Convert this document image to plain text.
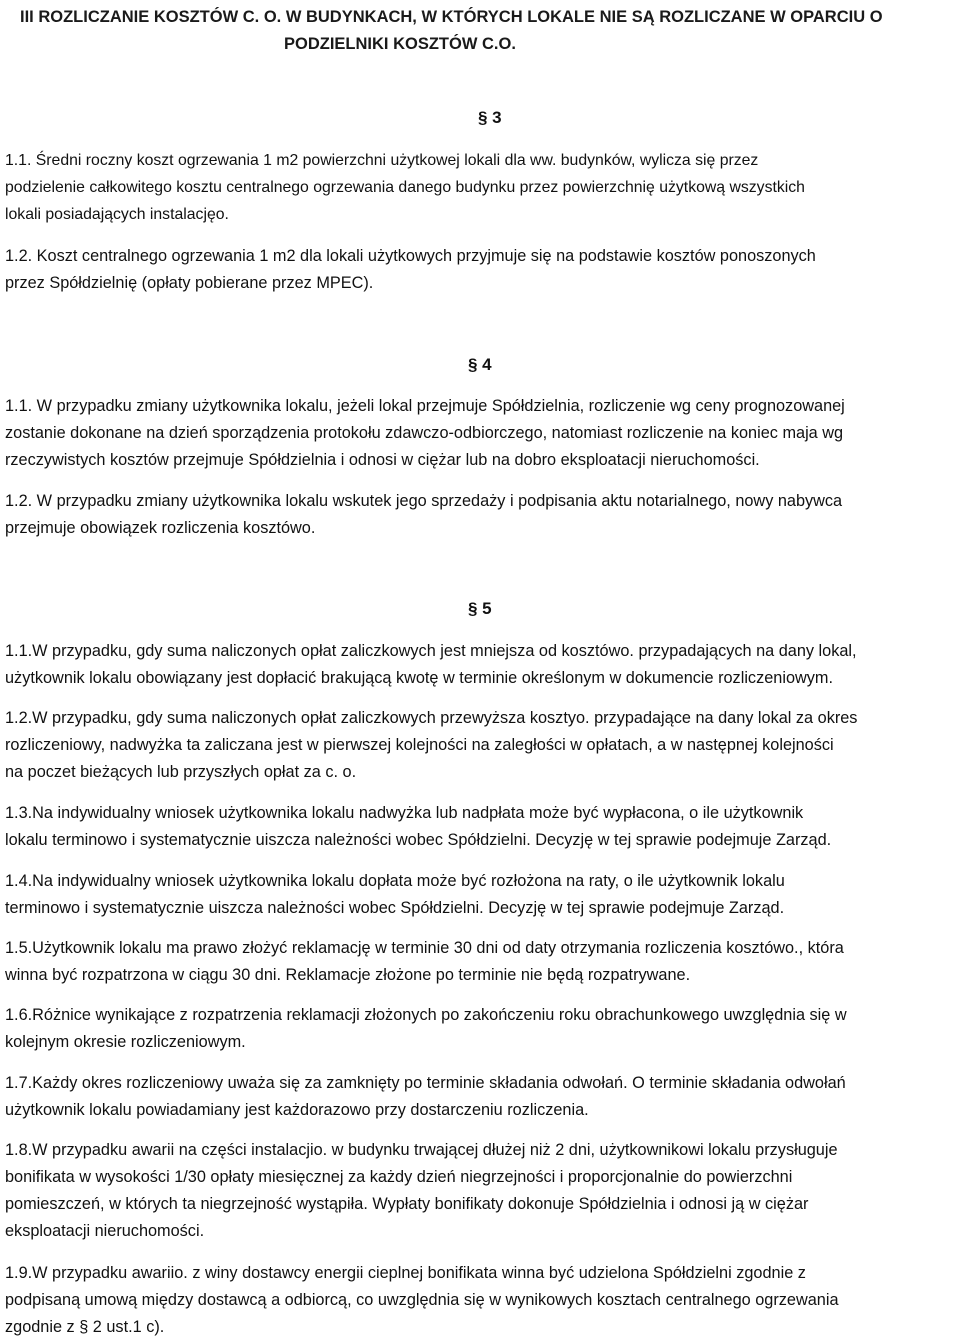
III ROZLICZANIE KOSZTÓW C. O. W BUDYNKACH, W KTÓRYCH LOKALE NIE SĄ ROZLICZANE W OPARCIU O
PODZIELNIKI KOSZTÓW C.O.
§ 3
1.1. Średni roczny koszt ogrzewania 1 m2 powierzchni użytkowej lokali dla ww. budynków, wylicza się przez
podzielenie całkowitego kosztu centralnego ogrzewania danego budynku przez powierzchnię użytkową wszystkich
lokali posiadających instalacjęo.
1.2. Koszt centralnego ogrzewania 1 m2 dla lokali użytkowych przyjmuje się na podstawie kosztów ponoszonych
przez Spółdzielnię (opłaty pobierane przez MPEC).
§ 4
1.1. W przypadku zmiany użytkownika lokalu, jeżeli lokal przejmuje Spółdzielnia, rozliczenie wg ceny prognozowanej
zostanie dokonane na dzień sporządzenia protokołu zdawczo-odbiorczego, natomiast rozliczenie na koniec maja wg
rzeczywistych kosztów przejmuje Spółdzielnia i odnosi w ciężar lub na dobro eksploatacji nieruchomości.
1.2. W przypadku zmiany użytkownika lokalu wskutek jego sprzedaży i podpisania aktu notarialnego, nowy nabywca
przejmuje obowiązek rozliczenia kosztówo.
§ 5
1.1.W przypadku, gdy suma naliczonych opłat zaliczkowych jest mniejsza od kosztówo. przypadających na dany lokal,
użytkownik lokalu obowiązany jest dopłacić brakującą kwotę w terminie określonym w dokumencie rozliczeniowym.
1.2.W przypadku, gdy suma naliczonych opłat zaliczkowych przewyższa kosztyo. przypadające na dany lokal za okres
rozliczeniowy, nadwyżka ta zaliczana jest w pierwszej kolejności na zaległości w opłatach, a w następnej kolejności
na poczet bieżących lub przyszłych opłat za c. o.
1.3.Na indywidualny wniosek użytkownika lokalu nadwyżka lub nadpłata może być wypłacona, o ile użytkownik
lokalu terminowo i systematycznie uiszcza należności wobec Spółdzielni. Decyzję w tej sprawie podejmuje Zarząd.
1.4.Na indywidualny wniosek użytkownika lokalu dopłata może być rozłożona na raty, o ile użytkownik lokalu
terminowo i systematycznie uiszcza należności wobec Spółdzielni. Decyzję w tej sprawie podejmuje Zarząd.
1.5.Użytkownik lokalu ma prawo złożyć reklamację w terminie 30 dni od daty otrzymania rozliczenia kosztówo., która
winna być rozpatrzona w ciągu 30 dni. Reklamacje złożone po terminie nie będą rozpatrywane.
1.6.Różnice wynikające z rozpatrzenia reklamacji złożonych po zakończeniu roku obrachunkowego uwzględnia się w
kolejnym okresie rozliczeniowym.
1.7.Każdy okres rozliczeniowy uważa się za zamknięty po terminie składania odwołań. O terminie składania odwołań
użytkownik lokalu powiadamiany jest każdorazowo przy dostarczeniu rozliczenia.
1.8.W przypadku awarii na części instalacjio. w budynku trwającej dłużej niż 2 dni, użytkownikowi lokalu przysługuje
bonifikata w wysokości 1/30 opłaty miesięcznej za każdy dzień niegrzejności i proporcjonalnie do powierzchni
pomieszczeń, w których ta niegrzejność wystąpiła. Wypłaty bonifikaty dokonuje Spółdzielnia i odnosi ją w ciężar
eksploatacji nieruchomości.
1.9.W przypadku awariio. z winy dostawcy energii cieplnej bonifikata winna być udzielona Spółdzielni zgodnie z
podpisaną umową między dostawcą a odbiorcą, co uwzględnia się w wynikowych kosztach centralnego ogrzewania
zgodnie z § 2 ust.1 c).
